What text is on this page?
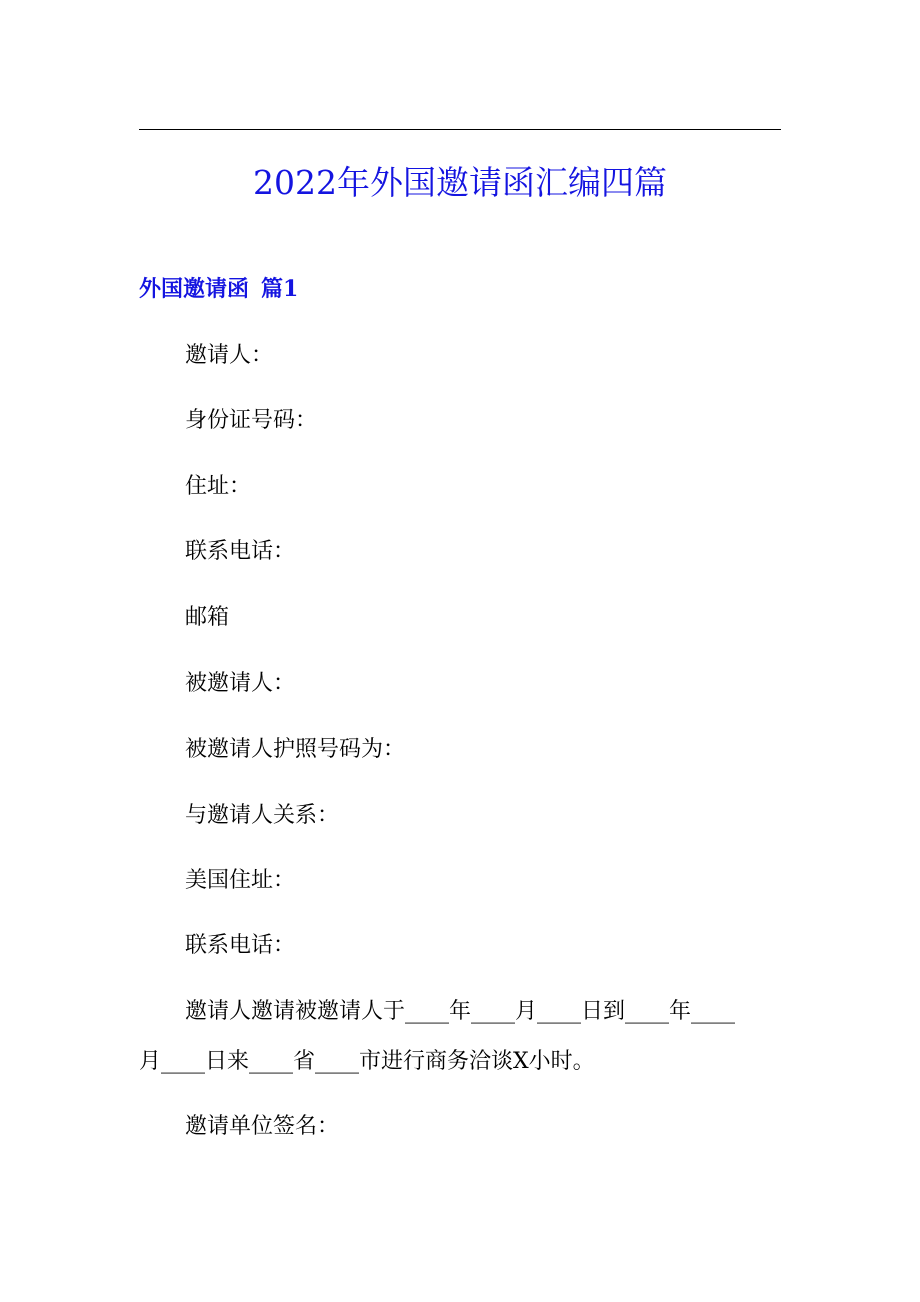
2022年外国邀请函汇编四篇
外国邀请函 篇1

邀请人：

身份证号码：

住址：

联系电话：

邮箱

被邀请人：

被邀请人护照号码为：

与邀请人关系：

美国住址：

联系电话：

邀请人邀请被邀请人于____年____月____日到____年____
月____日来____省____市进行商务洽谈X小时。

邀请单位签名：
